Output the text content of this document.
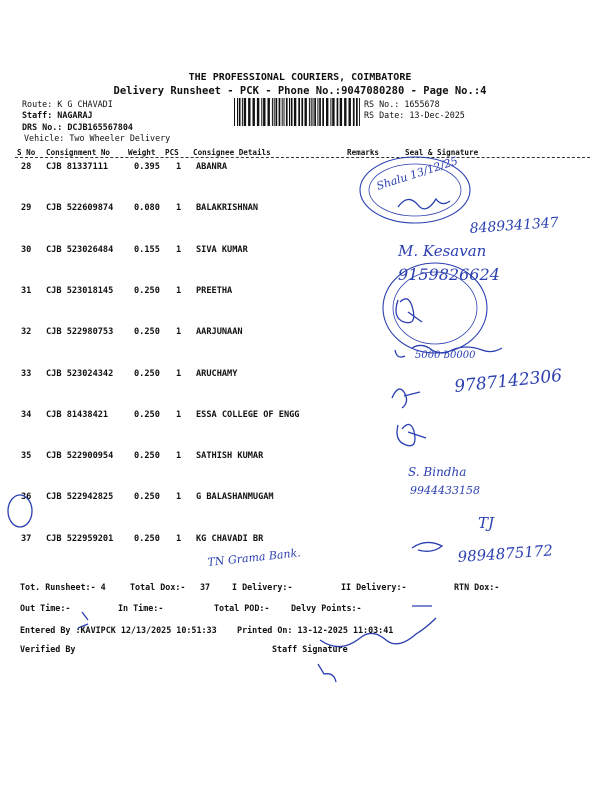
THE PROFESSIONAL COURIERS, COIMBATORE
Delivery Runsheet - PCK - Phone No.:9047080280 - Page No.:4
Route: K G CHAVADI
Staff: NAGARAJ
DRS No.: DCJB165567804
Vehicle: Two Wheeler Delivery
RS No.: 1655678
RS Date: 13-Dec-2025
S No Consignment No Weight PCS Consignee Details	Remarks	Seal & Signature
28 CJB 81337111	0.395 1 ABANRA
29 CJB 522609874 0.080 1 BALAKRISHNAN
30 CJB 523026484 0.155 1 SIVA KUMAR
31 CJB 523018145 0.250 1 PREETHA
32 CJB 522980753 0.250 1 AARJUNAAN
33 CJB 523024342 0.250 1 ARUCHAMY
34 CJB 81438421	0.250 1 ESSA COLLEGE OF ENGG
35 CJB 522900954 0.250 1 SATHISH KUMAR
36 CJB 522942825 0.250 1 G BALASHANMUGAM
37 CJB 522959201 0.250 1 KG CHAVADI BR
Shalu 13/12/25
8489341347
M. Kesavan
9159826624
5000 b0000
9787142306
S. Bindha
9944433158
TJ
9894875172
TN Grama Bank.
Tot. Runsheet:- 4	Total Dox:- 37	I Delivery:-	II Delivery:-	RTN Dox:-
Out Time:-	In Time:-	Total POD:-	Delvy Points:-
Entered By :KAVIPCK 12/13/2025 10:51:33 Printed On: 13-12-2025 11:03:41
Verified By	Staff Signature
